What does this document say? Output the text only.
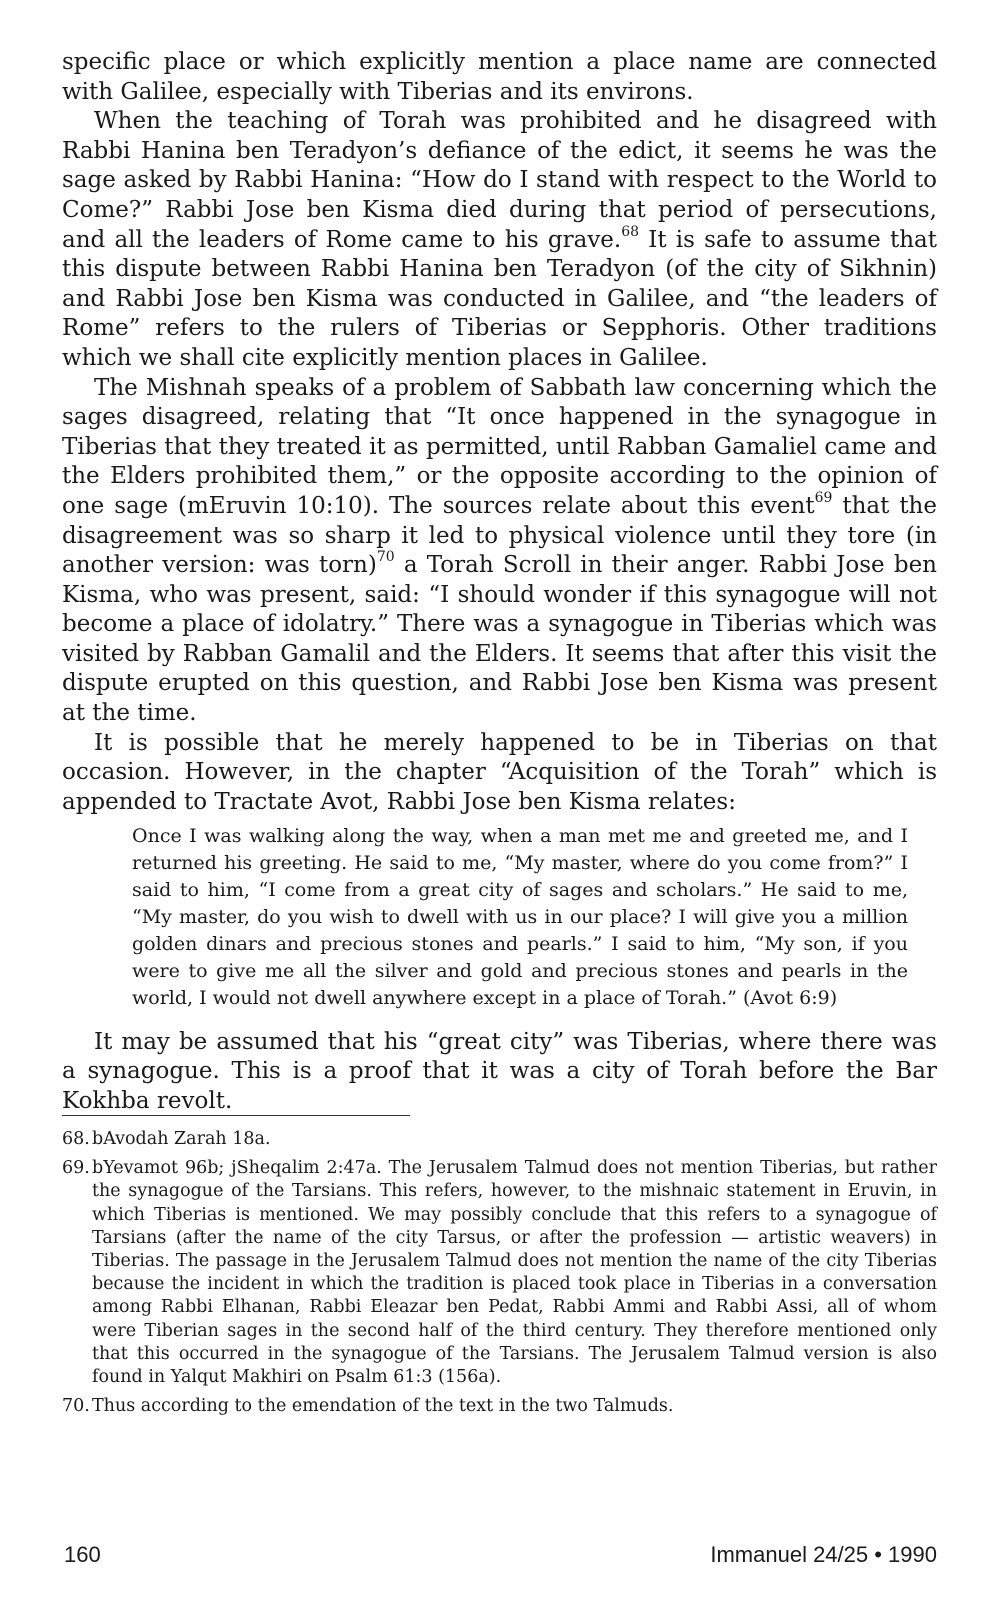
specific place or which explicitly mention a place name are connected with Galilee, especially with Tiberias and its environs.

When the teaching of Torah was prohibited and he disagreed with Rabbi Hanina ben Teradyon’s defiance of the edict, it seems he was the sage asked by Rabbi Hanina: “How do I stand with respect to the World to Come?” Rabbi Jose ben Kisma died during that period of persecutions, and all the leaders of Rome came to his grave.$^{68}$ It is safe to assume that this dispute between Rabbi Hanina ben Teradyon (of the city of Sikhnin) and Rabbi Jose ben Kisma was conducted in Galilee, and “the leaders of Rome” refers to the rulers of Tiberias or Sepphoris. Other traditions which we shall cite explicitly mention places in Galilee.

The Mishnah speaks of a problem of Sabbath law concerning which the sages disagreed, relating that “It once happened in the synagogue in Tiberias that they treated it as permitted, until Rabban Gamaliel came and the Elders prohibited them,” or the opposite according to the opinion of one sage (mEruvin 10:10). The sources relate about this event$^{69}$ that the disagreement was so sharp it led to physical violence until they tore (in another version: was torn)$^{70}$ a Torah Scroll in their anger. Rabbi Jose ben Kisma, who was present, said: “I should wonder if this synagogue will not become a place of idolatry.” There was a synagogue in Tiberias which was visited by Rabban Gamalil and the Elders. It seems that after this visit the dispute erupted on this question, and Rabbi Jose ben Kisma was present at the time.

It is possible that he merely happened to be in Tiberias on that occasion. However, in the chapter “Acquisition of the Torah” which is appended to Tractate Avot, Rabbi Jose ben Kisma relates:

Once I was walking along the way, when a man met me and greeted me, and I returned his greeting. He said to me, “My master, where do you come from?” I said to him, “I come from a great city of sages and scholars.” He said to me, “My master, do you wish to dwell with us in our place? I will give you a million golden dinars and precious stones and pearls.” I said to him, “My son, if you were to give me all the silver and gold and precious stones and pearls in the world, I would not dwell anywhere except in a place of Torah.” (Avot 6:9)

It may be assumed that his “great city” was Tiberias, where there was a synagogue. This is a proof that it was a city of Torah before the Bar Kokhba revolt.

68. bAvodah Zarah 18a.
69. bYevamot 96b; jSheqalim 2:47a. The Jerusalem Talmud does not mention Tiberias, but rather the synagogue of the Tarsians. This refers, however, to the mishnaic statement in Eruvin, in which Tiberias is mentioned. We may possibly conclude that this refers to a synagogue of Tarsians (after the name of the city Tarsus, or after the profession — artistic weavers) in Tiberias. The passage in the Jerusalem Talmud does not mention the name of the city Tiberias because the incident in which the tradition is placed took place in Tiberias in a conversation among Rabbi Elhanan, Rabbi Eleazar ben Pedat, Rabbi Ammi and Rabbi Assi, all of whom were Tiberian sages in the second half of the third century. They therefore mentioned only that this occurred in the synagogue of the Tarsians. The Jerusalem Talmud version is also found in Yalqut Makhiri on Psalm 61:3 (156a).
70. Thus according to the emendation of the text in the two Talmuds.
160	Immanuel 24/25 • 1990
